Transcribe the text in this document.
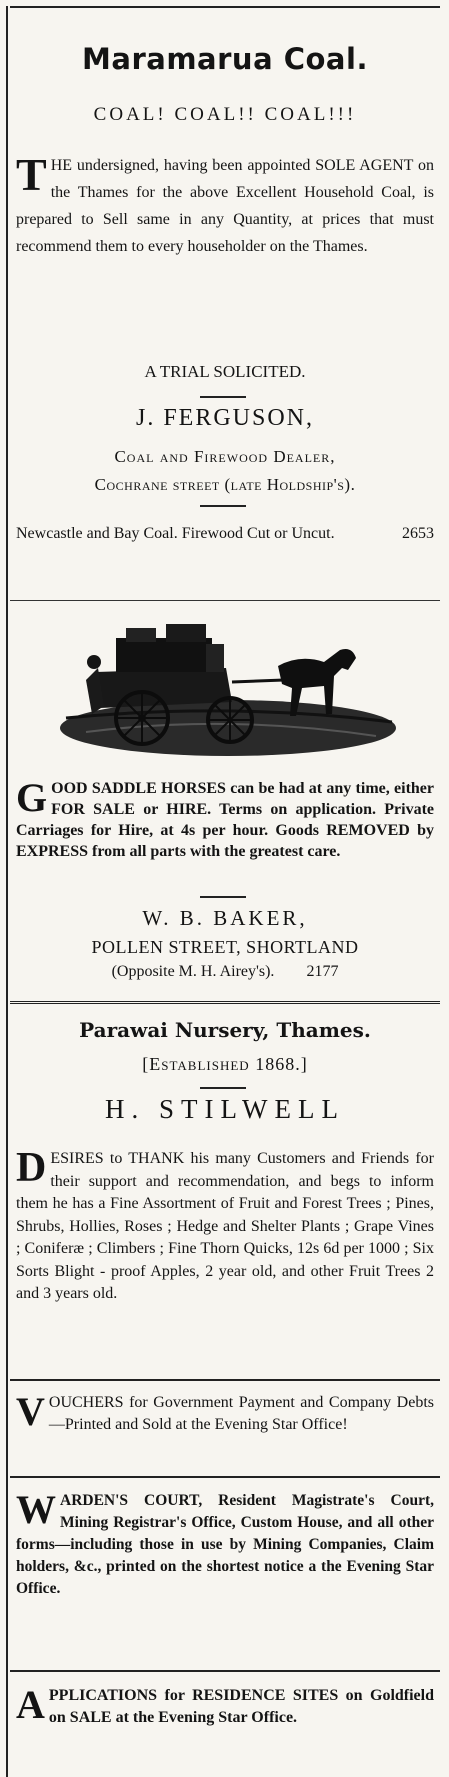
Maramarua Coal.
COAL! COAL!! COAL!!!
T HE undersigned, having been appointed SOLE AGENT on the Thames for the above Excellent Household Coal, is prepared to Sell same in any Quantity, at prices that must recommend them to every householder on the Thames.
A TRIAL SOLICITED.
J. FERGUSON,
Coal and Firewood Dealer,
Cochrane street (late Holdship's).
Newcastle and Bay Coal. Firewood Cut or Uncut.	2653
G OOD SADDLE HORSES can be had at any time, either FOR SALE or HIRE. Terms on application. Private Carriages for Hire, at 4s per hour. Goods REMOVED by EXPRESS from all parts with the greatest care.
W. B. BAKER,
POLLEN STREET, SHORTLAND
(Opposite M. H. Airey's). 2177
Parawai Nursery, Thames.
[Established 1868.]
H. STILWELL
D ESIRES to THANK his many Customers and Friends for their support and recommendation, and begs to inform them he has a Fine Assortment of Fruit and Forest Trees ; Pines, Shrubs, Hollies, Roses ; Hedge and Shelter Plants ; Grape Vines ; Coniferæ ; Climbers ; Fine Thorn Quicks, 12s 6d per 1000 ; Six Sorts Blight - proof Apples, 2 year old, and other Fruit Trees 2 and 3 years old.
V OUCHERS for Government Payment and Company Debts—Printed and Sold at the Evening Star Office!
W ARDEN'S COURT, Resident Magistrate's Court, Mining Registrar's Office, Custom House, and all other forms—including those in use by Mining Companies, Claim holders, &c., printed on the shortest notice a the Evening Star Office.
A PPLICATIONS for RESIDENCE SITES on Goldfield on SALE at the Evening Star Office.
